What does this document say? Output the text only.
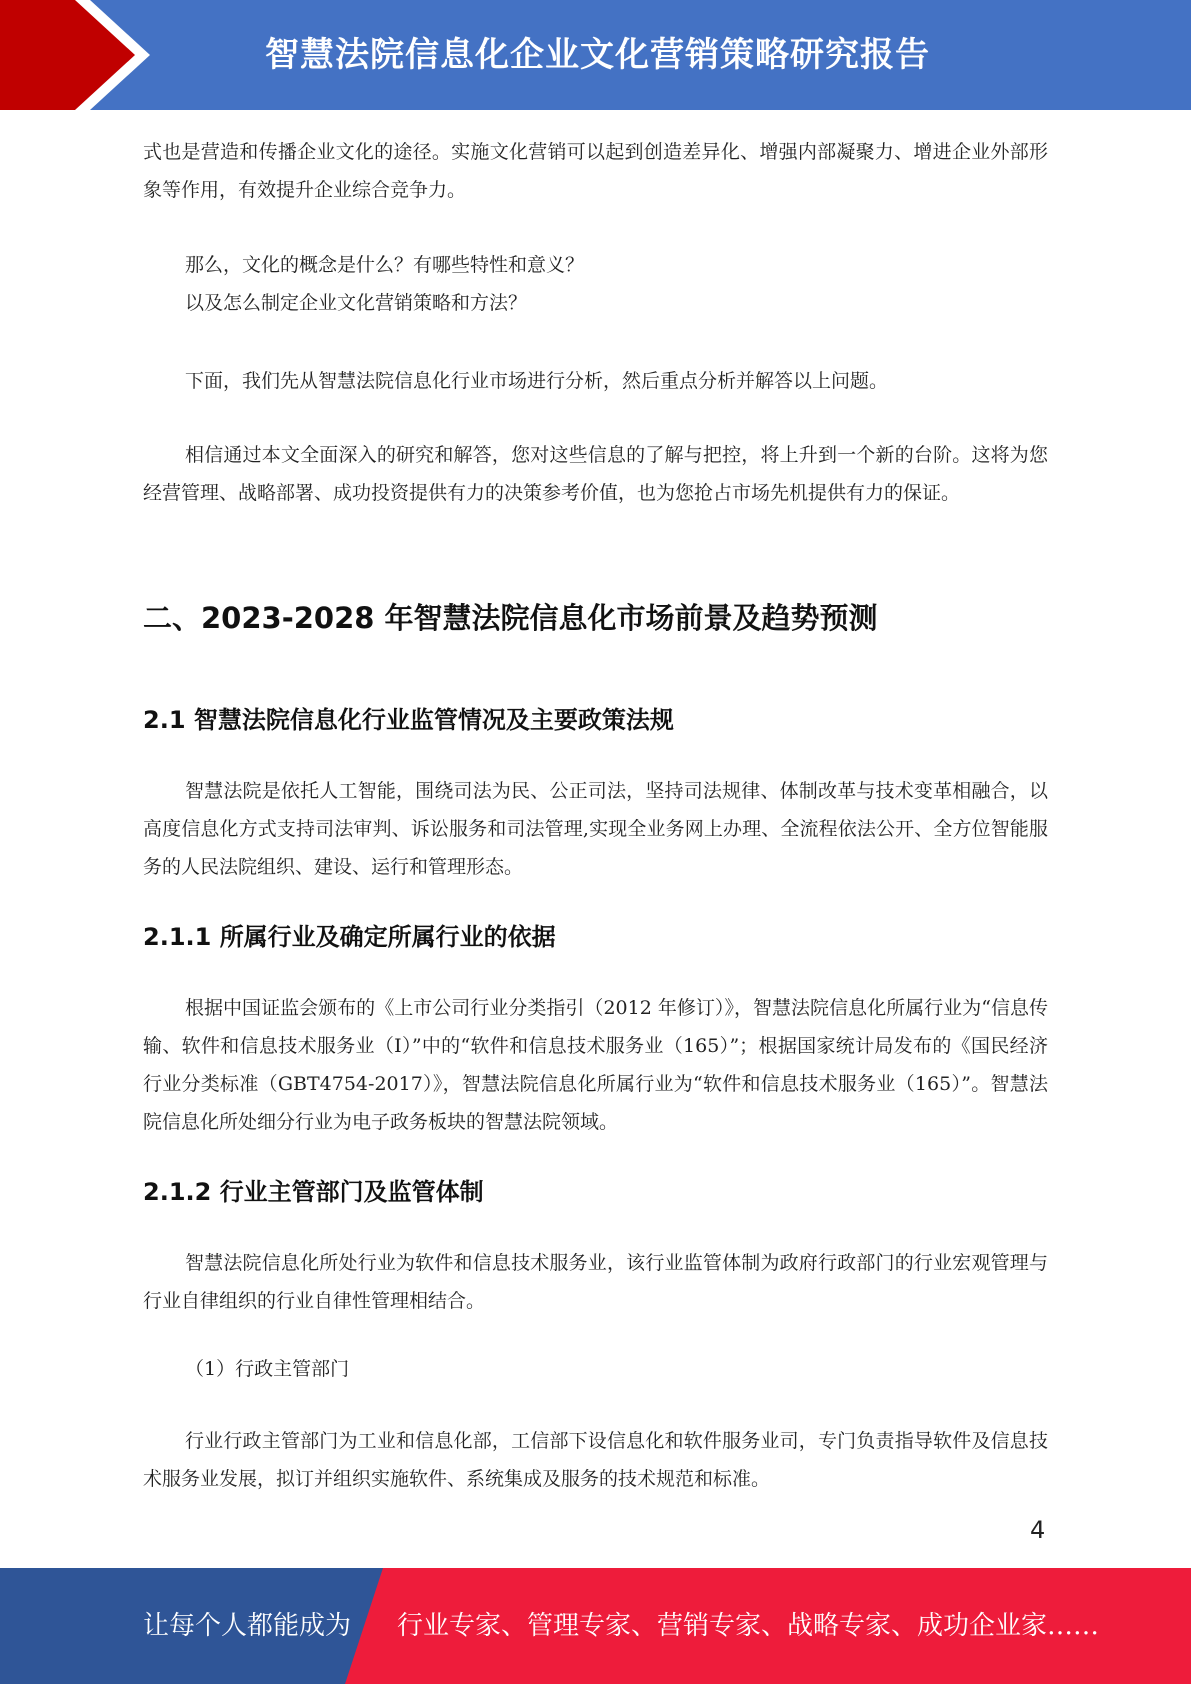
智慧法院信息化企业文化营销策略研究报告
式也是营造和传播企业文化的途径。实施文化营销可以起到创造差异化、增强内部凝聚力、增进企业外部形象等作用，有效提升企业综合竞争力。
那么，文化的概念是什么？有哪些特性和意义？
以及怎么制定企业文化营销策略和方法？
下面，我们先从智慧法院信息化行业市场进行分析，然后重点分析并解答以上问题。
相信通过本文全面深入的研究和解答，您对这些信息的了解与把控，将上升到一个新的台阶。这将为您经营管理、战略部署、成功投资提供有力的决策参考价值，也为您抢占市场先机提供有力的保证。
二、2023-2028 年智慧法院信息化市场前景及趋势预测
2.1 智慧法院信息化行业监管情况及主要政策法规
智慧法院是依托人工智能，围绕司法为民、公正司法，坚持司法规律、体制改革与技术变革相融合，以高度信息化方式支持司法审判、诉讼服务和司法管理,实现全业务网上办理、全流程依法公开、全方位智能服务的人民法院组织、建设、运行和管理形态。
2.1.1 所属行业及确定所属行业的依据
根据中国证监会颁布的《上市公司行业分类指引（2012 年修订）》，智慧法院信息化所属行业为“信息传输、软件和信息技术服务业（I）”中的“软件和信息技术服务业（165）”；根据国家统计局发布的《国民经济行业分类标准（GBT4754-2017）》，智慧法院信息化所属行业为“软件和信息技术服务业（165）”。智慧法院信息化所处细分行业为电子政务板块的智慧法院领域。
2.1.2 行业主管部门及监管体制
智慧法院信息化所处行业为软件和信息技术服务业，该行业监管体制为政府行政部门的行业宏观管理与行业自律组织的行业自律性管理相结合。
（1）行政主管部门
行业行政主管部门为工业和信息化部，工信部下设信息化和软件服务业司，专门负责指导软件及信息技术服务业发展，拟订并组织实施软件、系统集成及服务的技术规范和标准。
4
让每个人都能成为 行业专家、管理专家、营销专家、战略专家、成功企业家……
